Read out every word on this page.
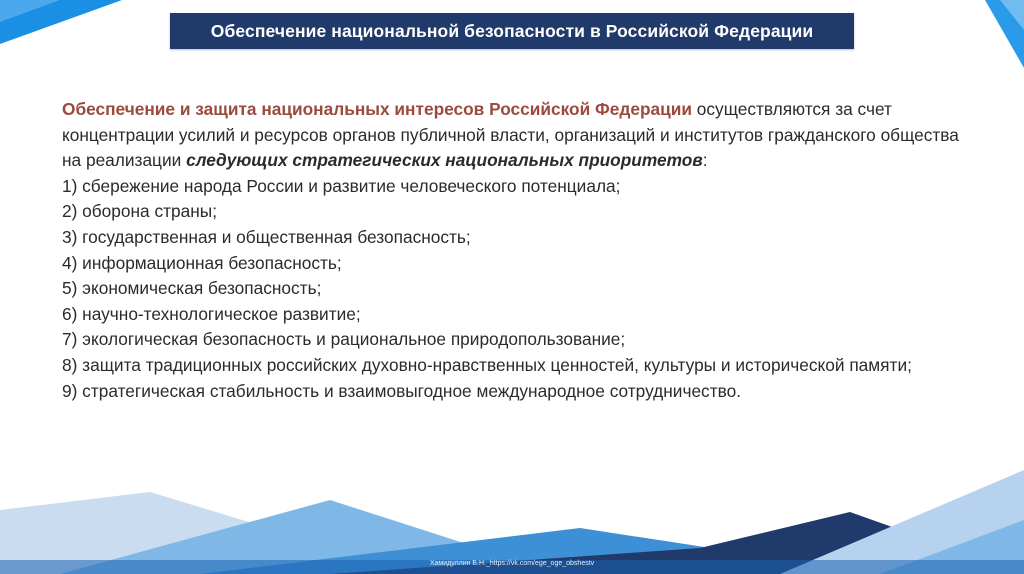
Обеспечение национальной безопасности в Российской Федерации

Обеспечение и защита национальных интересов Российской Федерации осуществляются за счет концентрации усилий и ресурсов органов публичной власти, организаций и институтов гражданского общества на реализации следующих стратегических национальных приоритетов:

1) сбережение народа России и развитие человеческого потенциала;

2) оборона страны;

3) государственная и общественная безопасность;

4) информационная безопасность;

5) экономическая безопасность;

6) научно-технологическое развитие;

7) экологическая безопасность и рациональное природопользование;

8) защита традиционных российских духовно-нравственных ценностей, культуры и исторической памяти;

9) стратегическая стабильность и взаимовыгодное международное сотрудничество.

Хамидуллин Б.Н._https://vk.com/ege_oge_obshestv
